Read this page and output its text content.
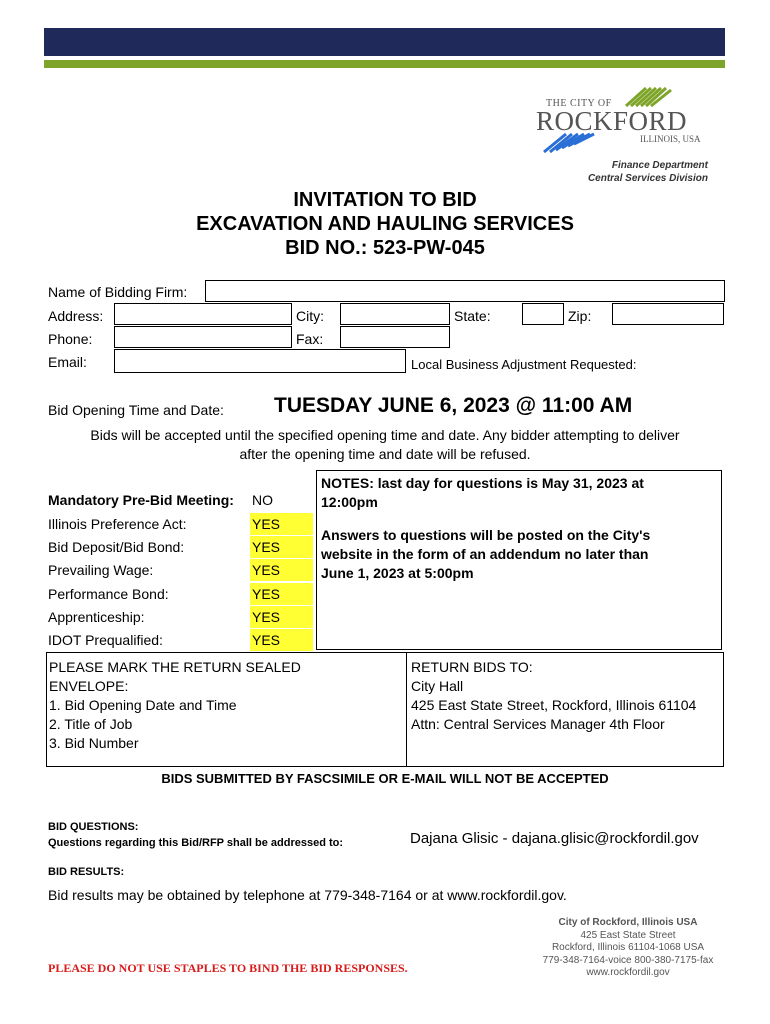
THE CITY OF
ROCKFORD
ILLINOIS, USA
Finance Department
Central Services Division
INVITATION TO BID
EXCAVATION AND HAULING SERVICES
BID NO.: 523-PW-045
Name of Bidding Firm:
Address:	City:	State:	Zip:
Phone:	Fax:
Email:	Local Business Adjustment Requested:
Bid Opening Time and Date: TUESDAY JUNE 6, 2023 @ 11:00 AM
Bids will be accepted until the specified opening time and date. Any bidder attempting to deliver
after the opening time and date will be refused.
Mandatory Pre-Bid Meeting: NO
Illinois Preference Act:	YES
Bid Deposit/Bid Bond:	YES
Prevailing Wage:	YES
Performance Bond:	YES
Apprenticeship:	YES
IDOT Prequalified:	YES
NOTES: last day for questions is May 31, 2023 at
12:00pm
Answers to questions will be posted on the City's
website in the form of an addendum no later than
June 1, 2023 at 5:00pm
PLEASE MARK THE RETURN SEALED
ENVELOPE:
1. Bid Opening Date and Time
2. Title of Job
3. Bid Number
RETURN BIDS TO:
City Hall
425 East State Street, Rockford, Illinois 61104
Attn: Central Services Manager 4th Floor
BIDS SUBMITTED BY FASCSIMILE OR E-MAIL WILL NOT BE ACCEPTED
BID QUESTIONS:
Questions regarding this Bid/RFP shall be addressed to:	Dajana Glisic - dajana.glisic@rockfordil.gov
BID RESULTS:
Bid results may be obtained by telephone at 779-348-7164 or at www.rockfordil.gov.
PLEASE DO NOT USE STAPLES TO BIND THE BID RESPONSES.
City of Rockford, Illinois USA
425 East State Street
Rockford, Illinois 61104-1068 USA
779-348-7164-voice 800-380-7175-fax
www.rockfordil.gov
